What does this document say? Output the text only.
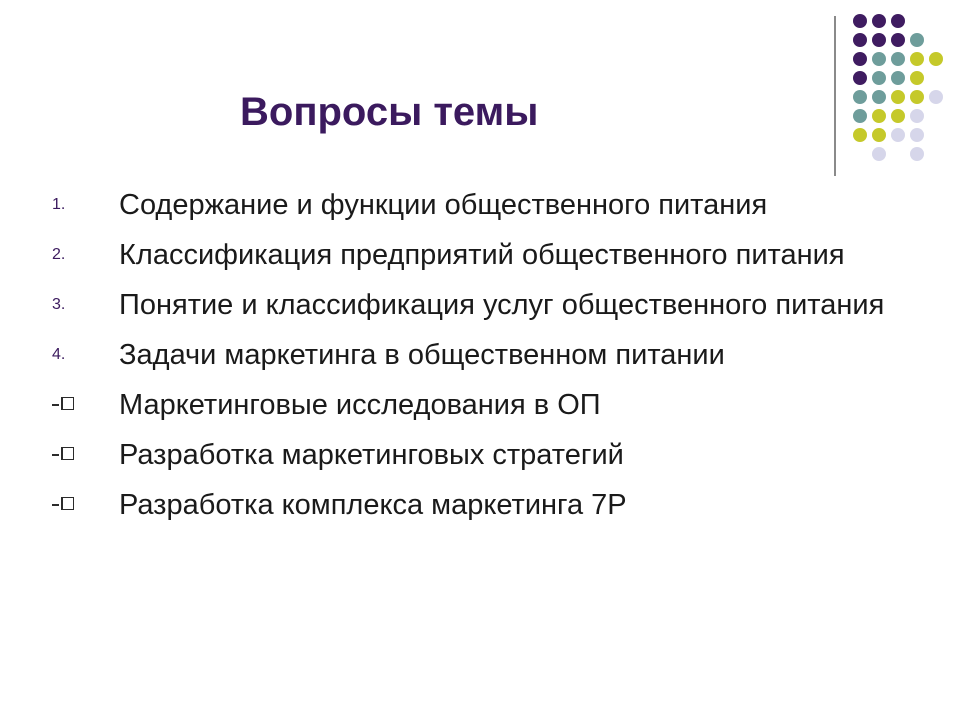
Вопросы темы
1.	Содержание и функции общественного питания
2.	Классификация предприятий общественного питания
3.	Понятие и классификация услуг общественного питания
4.	Задачи маркетинга в общественном питании
Маркетинговые исследования в ОП
Разработка маркетинговых стратегий
Разработка комплекса маркетинга 7Р
